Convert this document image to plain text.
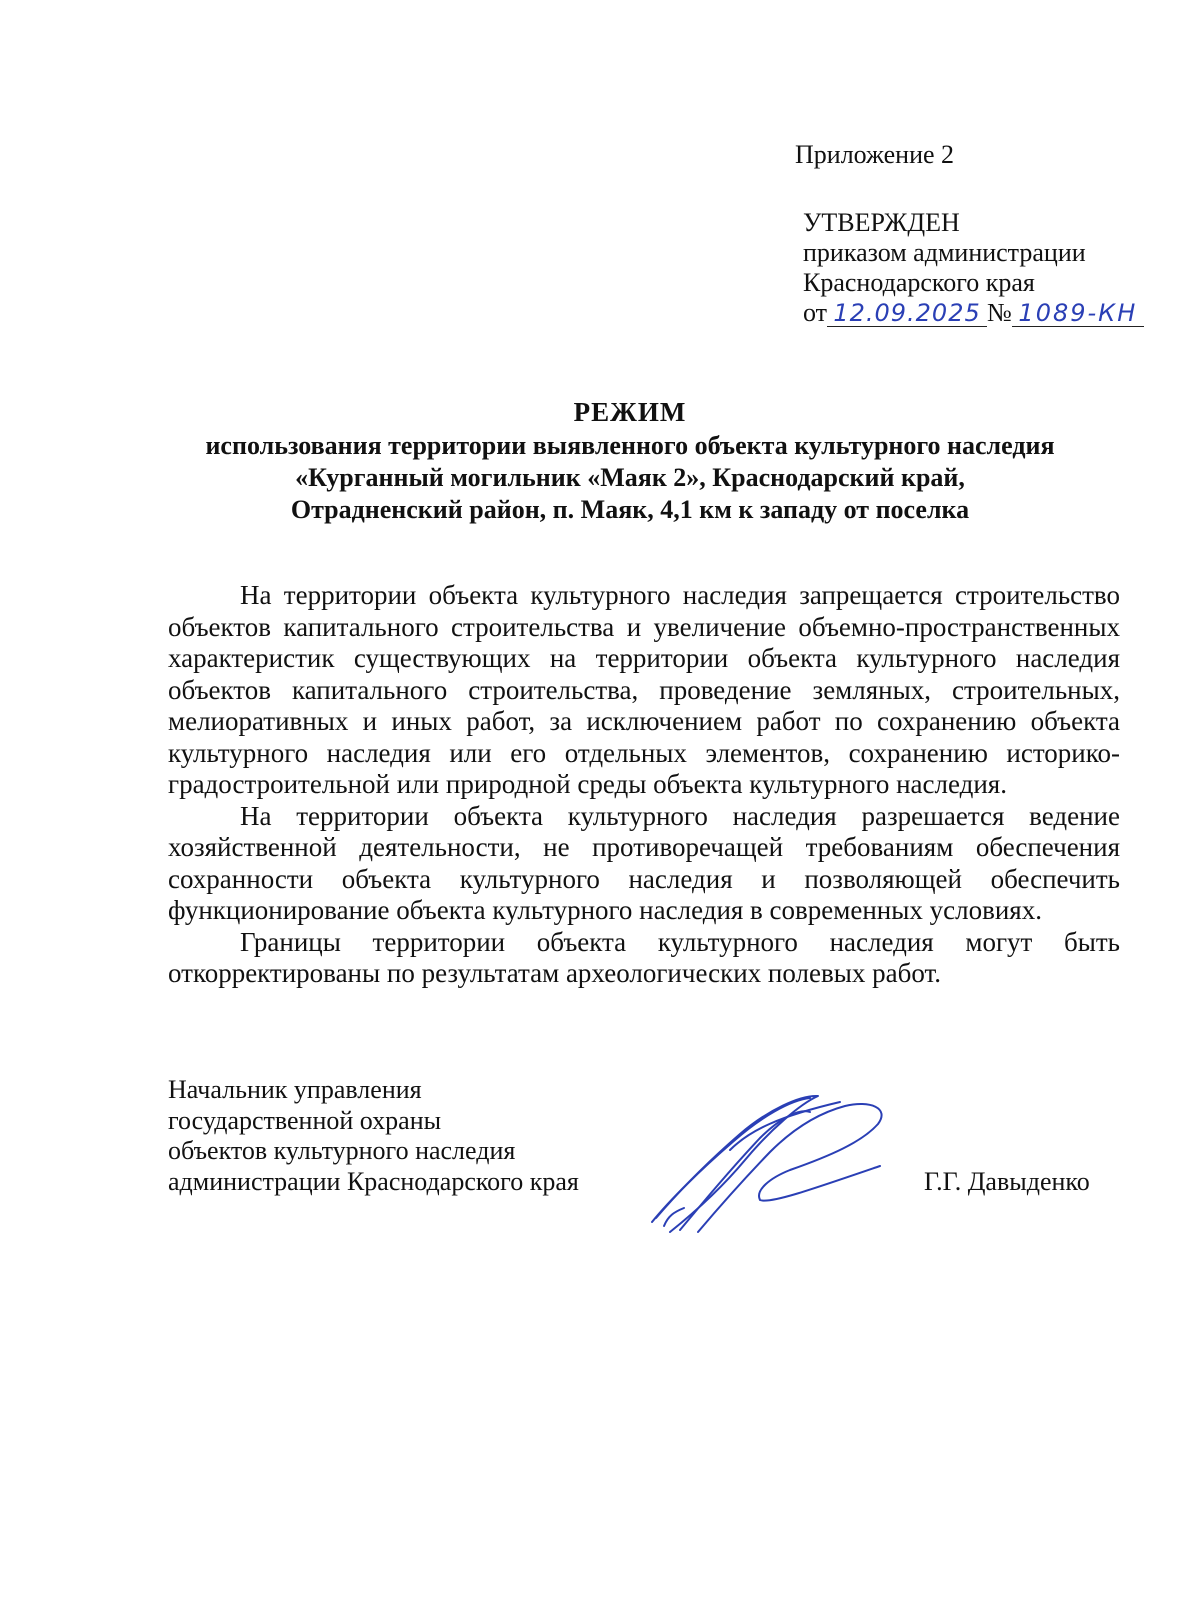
Приложение 2
УТВЕРЖДЕН
приказом администрации
Краснодарского края
от 12.09.2025 № 1089-КН
РЕЖИМ
использования территории выявленного объекта культурного наследия
«Курганный могильник «Маяк 2», Краснодарский край,
Отрадненский район, п. Маяк, 4,1 км к западу от поселка

На территории объекта культурного наследия запрещается строительство объектов капитального строительства и увеличение объемно-пространственных характеристик существующих на территории объекта культурного наследия объектов капитального строительства, проведение земляных, строительных, мелиоративных и иных работ, за исключением работ по сохранению объекта культурного наследия или его отдельных элементов, сохранению историко-градостроительной или природной среды объекта культурного наследия.

На территории объекта культурного наследия разрешается ведение хозяйственной деятельности, не противоречащей требованиям обеспечения сохранности объекта культурного наследия и позволяющей обеспечить функционирование объекта культурного наследия в современных условиях.

Границы территории объекта культурного наследия могут быть откорректированы по результатам археологических полевых работ.

Начальник управления
государственной охраны
объектов культурного наследия
администрации Краснодарского края	Г.Г. Давыденко
